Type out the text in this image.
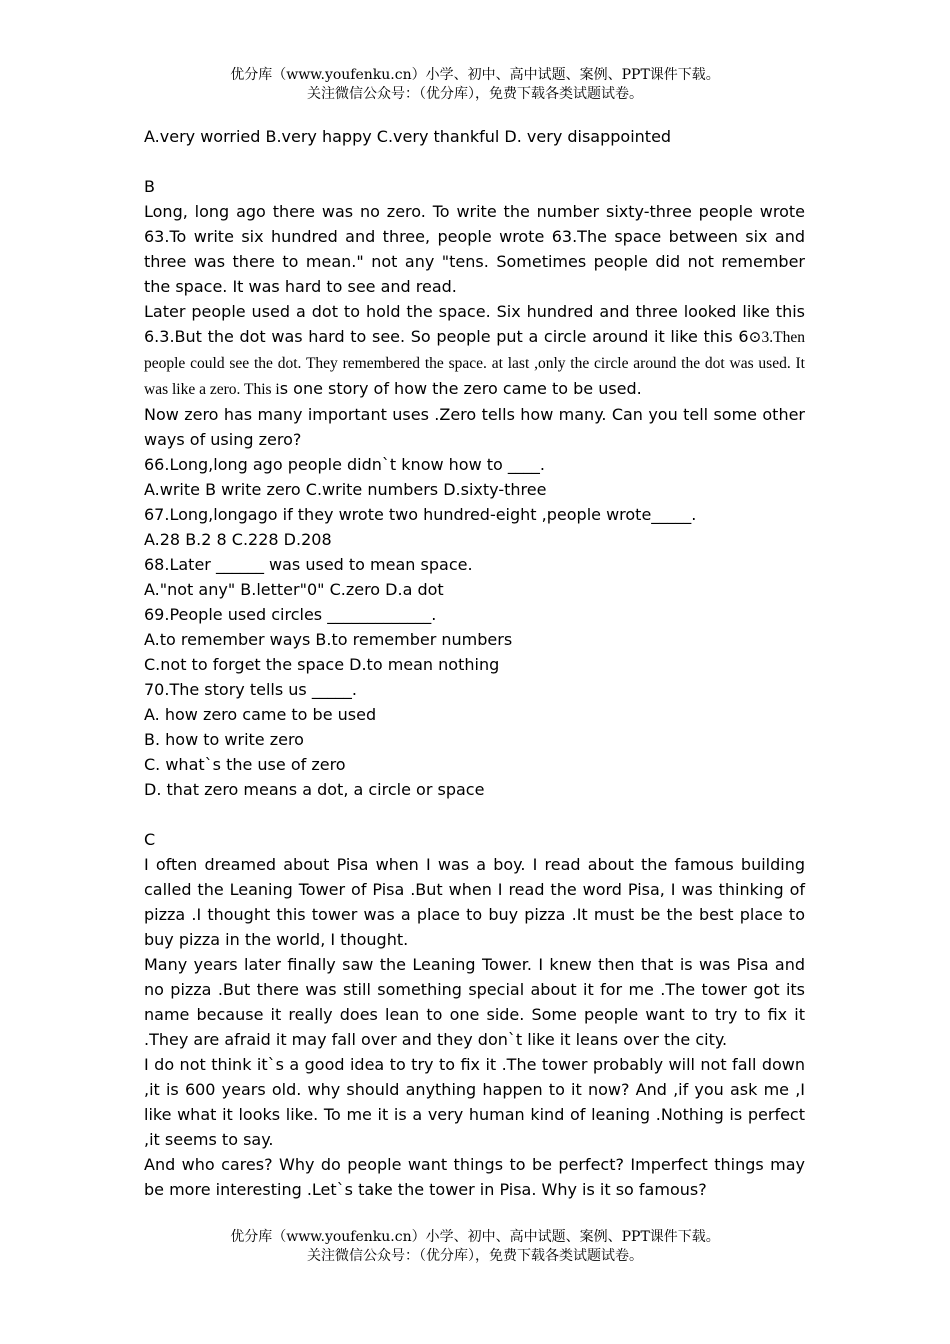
优分库（www.youfenku.cn）小学、初中、高中试题、案例、PPT课件下载。
关注微信公众号：（优分库），免费下载各类试题试卷。

A.very worried B.very happy C.very thankful D. very disappointed

B

Long, long ago there was no zero. To write the number sixty-three people wrote 63.To write six hundred and three, people wrote 63.The space between six and three was there to mean." not any "tens. Sometimes people did not remember the space. It was hard to see and read.

Later people used a dot to hold the space. Six hundred and three looked like this 6.3.But the dot was hard to see. So people put a circle around it like this 6⊙3.Then people could see the dot. They remembered the space. at last ,only the circle around the dot was used. It was like a zero. This is one story of how the zero came to be used.

Now zero has many important uses .Zero tells how many. Can you tell some other ways of using zero?

66.Long,long ago people didn`t know how to ____.

A.write B write zero C.write numbers D.sixty-three

67.Long,longago if they wrote two hundred-eight ,people wrote_____.

A.28 B.2 8 C.228 D.208

68.Later ______ was used to mean space.

A."not any" B.letter"0" C.zero D.a dot

69.People used circles _____________.

A.to remember ways B.to remember numbers

C.not to forget the space D.to mean nothing

70.The story tells us _____.

A. how zero came to be used

B. how to write zero

C. what`s the use of zero

D. that zero means a dot, a circle or space

C

I often dreamed about Pisa when I was a boy. I read about the famous building called the Leaning Tower of Pisa .But when I read the word Pisa, I was thinking of pizza .I thought this tower was a place to buy pizza .It must be the best place to buy pizza in the world, I thought.

Many years later finally saw the Leaning Tower. I knew then that is was Pisa and no pizza .But there was still something special about it for me .The tower got its name because it really does lean to one side. Some people want to try to fix it .They are afraid it may fall over and they don`t like it leans over the city.

I do not think it`s a good idea to try to fix it .The tower probably will not fall down ,it is 600 years old. why should anything happen to it now? And ,if you ask me ,I like what it looks like. To me it is a very human kind of leaning .Nothing is perfect ,it seems to say.

And who cares? Why do people want things to be perfect? Imperfect things may be more interesting .Let`s take the tower in Pisa. Why is it so famous?

优分库（www.youfenku.cn）小学、初中、高中试题、案例、PPT课件下载。
关注微信公众号：（优分库），免费下载各类试题试卷。
